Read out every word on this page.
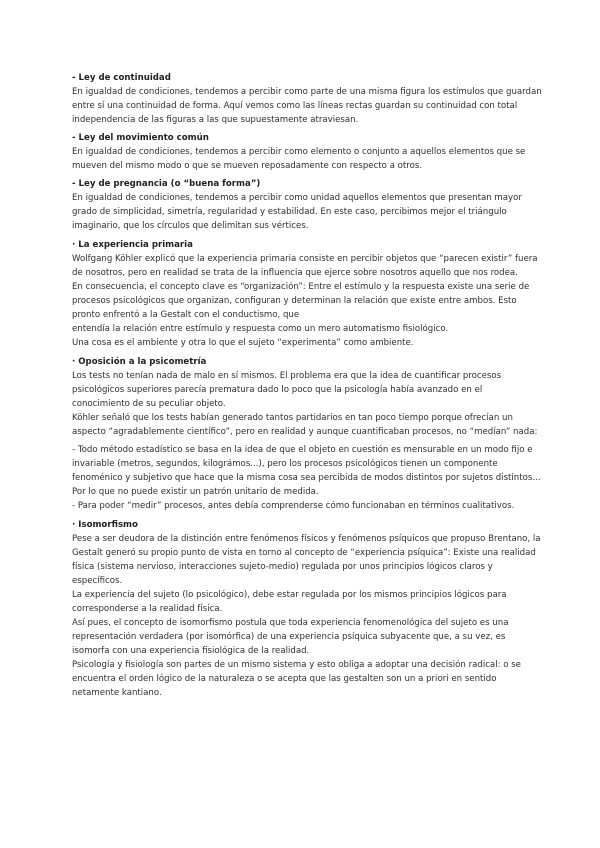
- Ley de continuidad

En igualdad de condiciones, tendemos a percibir como parte de una misma figura los estímulos que guardan entre sí una continuidad de forma. Aquí vemos como las líneas rectas guardan su continuidad con total independencia de las figuras a las que supuestamente atraviesan.

- Ley del movimiento común

En igualdad de condiciones, tendemos a percibir como elemento o conjunto a aquellos elementos que se mueven del mismo modo o que se mueven reposadamente con respecto a otros.

- Ley de pregnancia (o “buena forma”)

En igualdad de condiciones, tendemos a percibir como unidad aquellos elementos que presentan mayor grado de simplicidad, simetría, regularidad y estabilidad. En este caso, percibimos mejor el triángulo imaginario, que los círculos que delimitan sus vértices.

· La experiencia primaria

Wolfgang Köhler explicó que la experiencia primaria consiste en percibir objetos que “parecen existir” fuera de nosotros, pero en realidad se trata de la influencia que ejerce sobre nosotros aquello que nos rodea.

En consecuencia, el concepto clave es “organización”: Entre el estímulo y la respuesta existe una serie de procesos psicológicos que organizan, configuran y determinan la relación que existe entre ambos. Esto pronto enfrentó a la Gestalt con el conductismo, que

entendía la relación entre estímulo y respuesta como un mero automatismo fisiológico.

Una cosa es el ambiente y otra lo que el sujeto “experimenta” como ambiente.

· Oposición a la psicometría

Los tests no tenían nada de malo en sí mismos. El problema era que la idea de cuantificar procesos psicológicos superiores parecía prematura dado lo poco que la psicología había avanzado en el conocimiento de su peculiar objeto.

Köhler señaló que los tests habían generado tantos partidarios en tan poco tiempo porque ofrecían un aspecto “agradablemente científico”, pero en realidad y aunque cuantificaban procesos, no “medían” nada:

- Todo método estadístico se basa en la idea de que el objeto en cuestión es mensurable en un modo fijo e invariable (metros, segundos, kilográmos...), pero los procesos psicológicos tienen un componente fenoménico y subjetivo que hace que la misma cosa sea percibida de modos distintos por sujetos distintos... Por lo que no puede existir un patrón unitario de medida.

- Para poder “medir” procesos, antes debía comprenderse cómo funcionaban en términos cualitativos.

· Isomorfismo

Pese a ser deudora de la distinción entre fenómenos físicos y fenómenos psíquicos que propuso Brentano, la Gestalt generó su propio punto de vista en torno al concepto de “experiencia psíquica”: Existe una realidad física (sistema nervioso, interacciones sujeto-medio) regulada por unos principios lógicos claros y específicos.

La experiencia del sujeto (lo psicológico), debe estar regulada por los mismos principios lógicos para corresponderse a la realidad física.

Así pues, el concepto de isomorfismo postula que toda experiencia fenomenológica del sujeto es una representación verdadera (por isomórfica) de una experiencia psíquica subyacente que, a su vez, es isomorfa con una experiencia fisiológica de la realidad.

Psicología y fisiología son partes de un mismo sistema y esto obliga a adoptar una decisión radical: o se encuentra el orden lógico de la naturaleza o se acepta que las gestalten son un a priori en sentido netamente kantiano.
